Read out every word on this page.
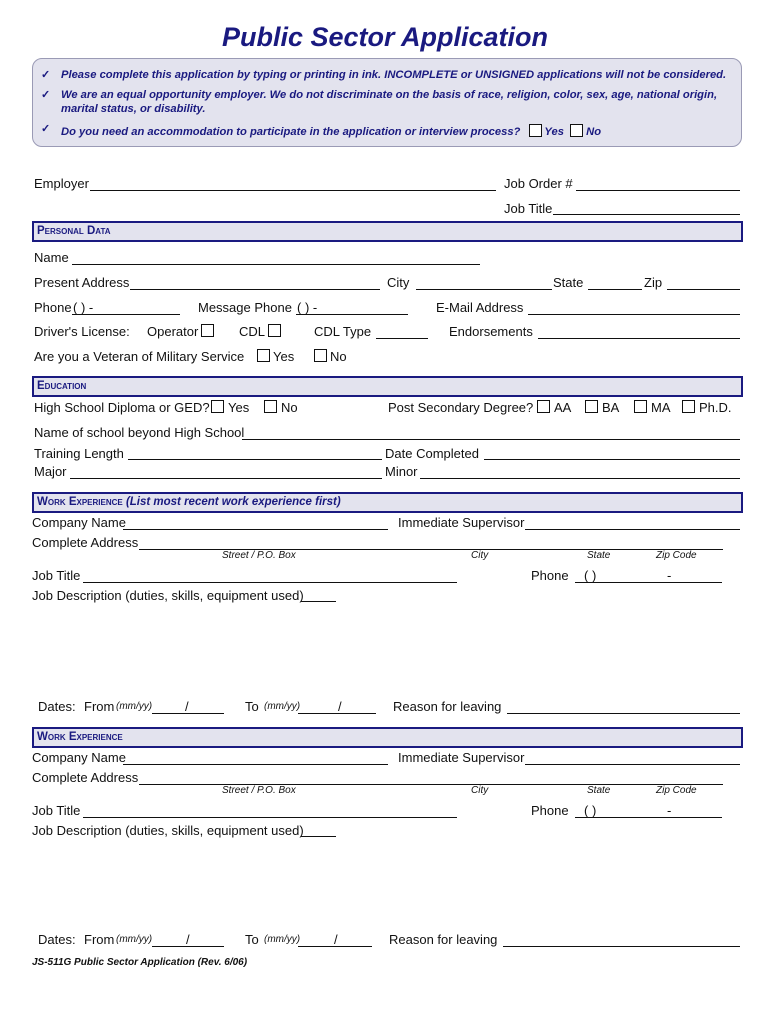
Public Sector Application
✓ Please complete this application by typing or printing in ink. INCOMPLETE or UNSIGNED applications will not be considered.
✓ We are an equal opportunity employer. We do not discriminate on the basis of race, religion, color, sex, age, national origin, marital status, or disability.
✓ Do you need an accommodation to participate in the application or interview process? Yes No
Employer	Job Order #
Job Title
Personal Data
Name
Present Address	City	State	Zip
Phone ( ) -	Message Phone ( ) -	E-Mail Address
Driver's License: Operator	CDL	CDL Type	Endorsements
Are you a Veteran of Military Service Yes	No
Education
High School Diploma or GED? Yes No	Post Secondary Degree? AA BA MA Ph.D.
Name of school beyond High School
Training Length	Date Completed
Major	Minor
Work Experience (List most recent work experience first)
Company Name	Immediate Supervisor
Complete Address
Street / P.O. Box	City	State	Zip Code
Job Title	Phone ( )	-
Job Description (duties, skills, equipment used)
Dates: From (mm/yy)	/	To (mm/yy)	/	Reason for leaving
Work Experience
Company Name	Immediate Supervisor
Complete Address
Street / P.O. Box	City	State	Zip Code
Job Title	Phone ( )	-
Job Description (duties, skills, equipment used)
Dates: From (mm/yy)	/	To (mm/yy)	/	Reason for leaving
JS-511G Public Sector Application (Rev. 6/06)
